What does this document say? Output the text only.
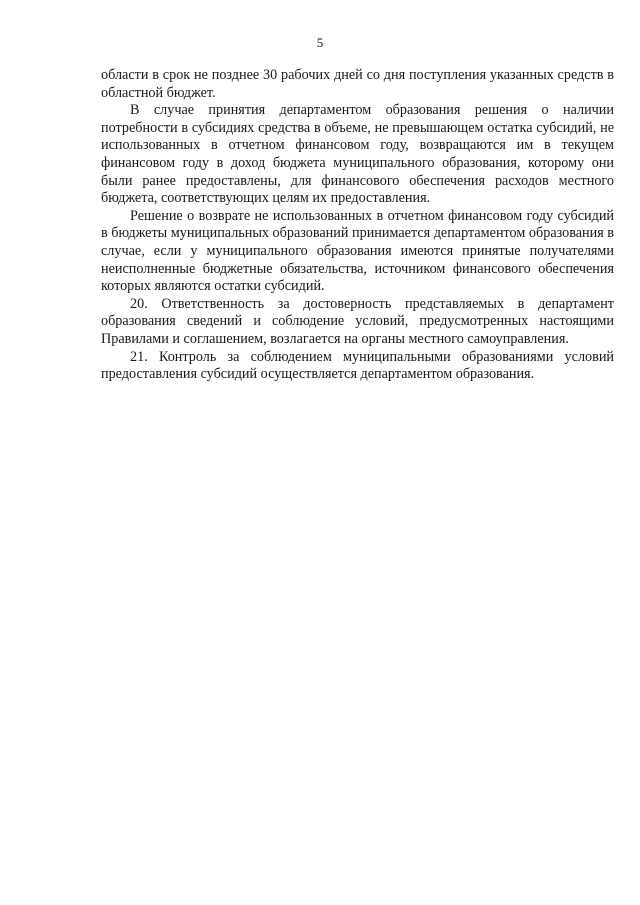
5

области в срок не позднее 30 рабочих дней со дня поступления указанных средств в областной бюджет.

В случае принятия департаментом образования решения о наличии потребности в субсидиях средства в объеме, не превышающем остатка субсидий, не использованных в отчетном финансовом году, возвращаются им в текущем финансовом году в доход бюджета муниципального образования, которому они были ранее предоставлены, для финансового обеспечения расходов местного бюджета, соответствующих целям их предоставления.

Решение о возврате не использованных в отчетном финансовом году субсидий в бюджеты муниципальных образований принимается департаментом образования в случае, если у муниципального образования имеются принятые получателями неисполненные бюджетные обязательства, источником финансового обеспечения которых являются остатки субсидий.

20. Ответственность за достоверность представляемых в департамент образования сведений и соблюдение условий, предусмотренных настоящими Правилами и соглашением, возлагается на органы местного самоуправления.

21. Контроль за соблюдением муниципальными образованиями условий предоставления субсидий осуществляется департаментом образования.
